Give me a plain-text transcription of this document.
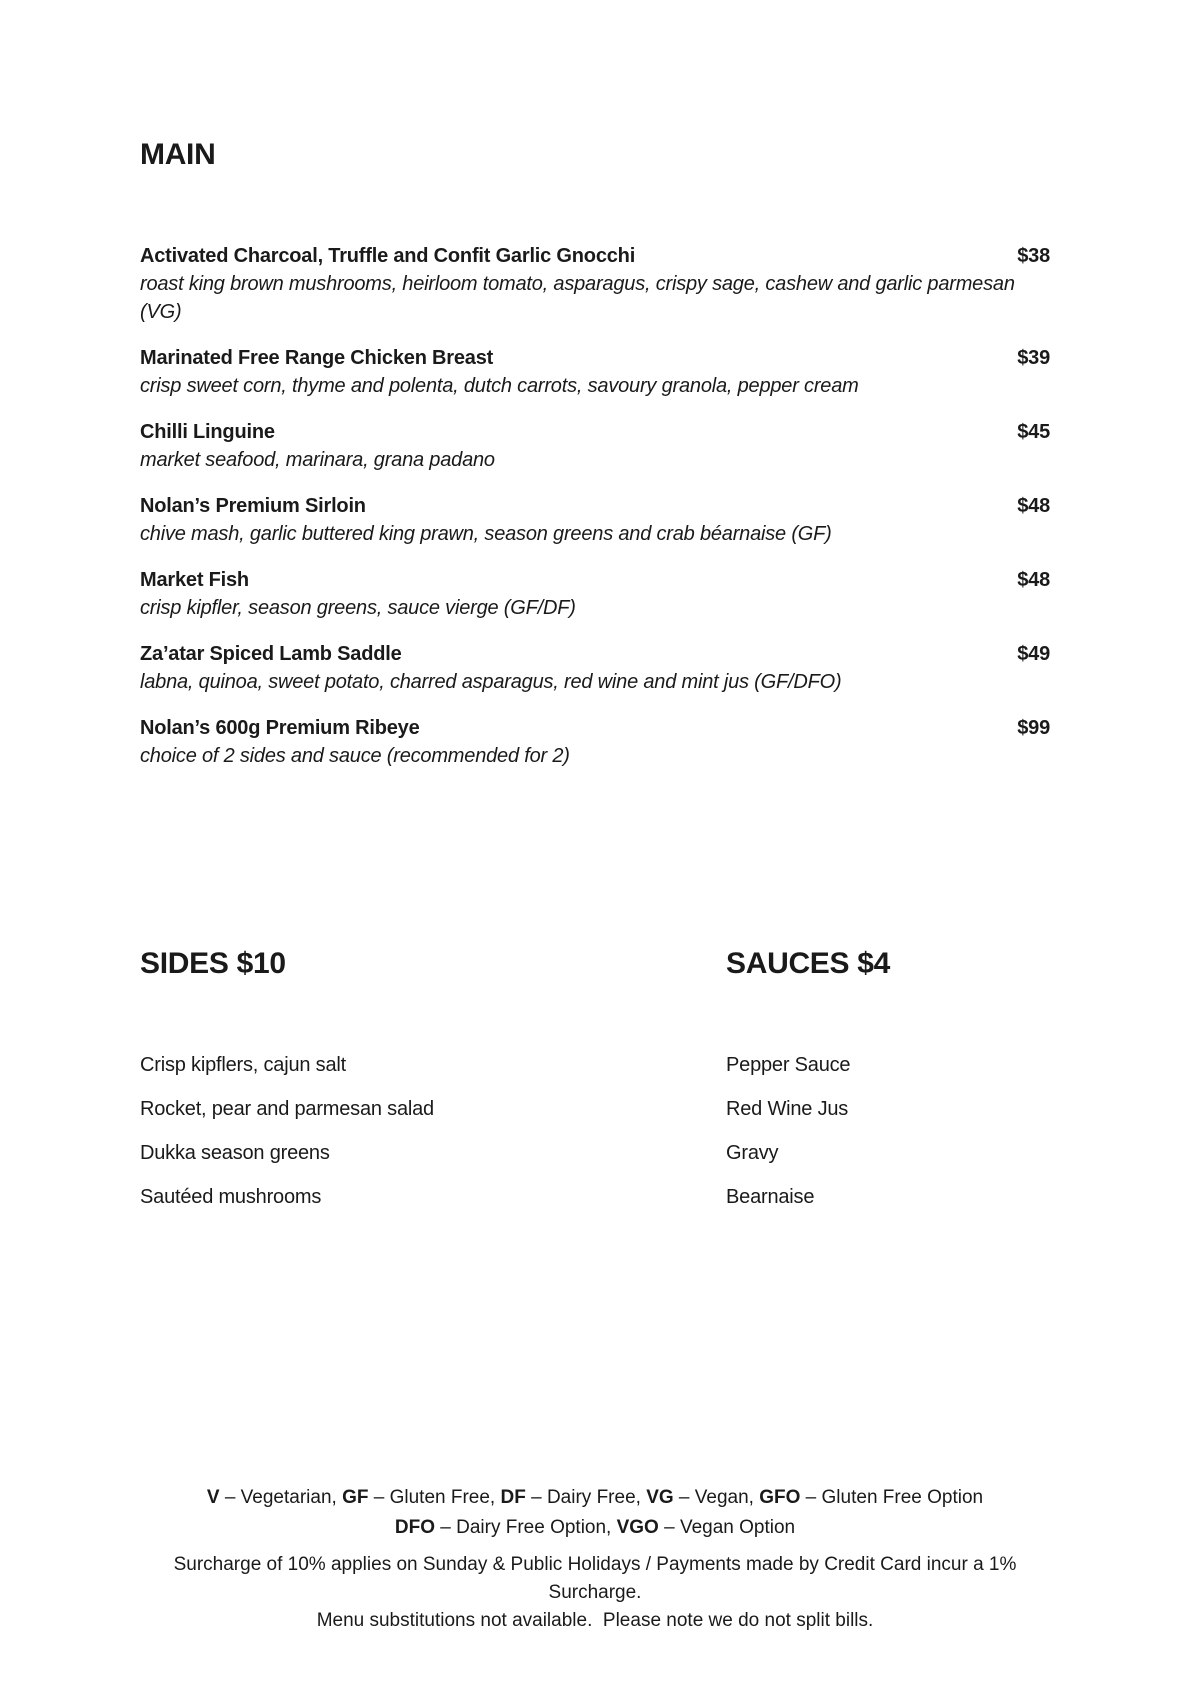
MAIN
Activated Charcoal, Truffle and Confit Garlic Gnocchi	$38
roast king brown mushrooms, heirloom tomato, asparagus, crispy sage, cashew and garlic parmesan (VG)
Marinated Free Range Chicken Breast	$39
crisp sweet corn, thyme and polenta, dutch carrots, savoury granola, pepper cream
Chilli Linguine	$45
market seafood, marinara, grana padano
Nolan’s Premium Sirloin	$48
chive mash, garlic buttered king prawn, season greens and crab béarnaise (GF)
Market Fish	$48
crisp kipfler, season greens, sauce vierge (GF/DF)
Za’atar Spiced Lamb Saddle	$49
labna, quinoa, sweet potato, charred asparagus, red wine and mint jus (GF/DFO)
Nolan’s 600g Premium Ribeye	$99
choice of 2 sides and sauce (recommended for 2)
SIDES $10
Crisp kipflers, cajun salt
Rocket, pear and parmesan salad
Dukka season greens
Sautéed mushrooms
SAUCES $4
Pepper Sauce
Red Wine Jus
Gravy
Bearnaise
V – Vegetarian, GF – Gluten Free, DF – Dairy Free, VG – Vegan, GFO – Gluten Free Option
DFO – Dairy Free Option, VGO – Vegan Option
Surcharge of 10% applies on Sunday & Public Holidays / Payments made by Credit Card incur a 1% Surcharge.
Menu substitutions not available.  Please note we do not split bills.
